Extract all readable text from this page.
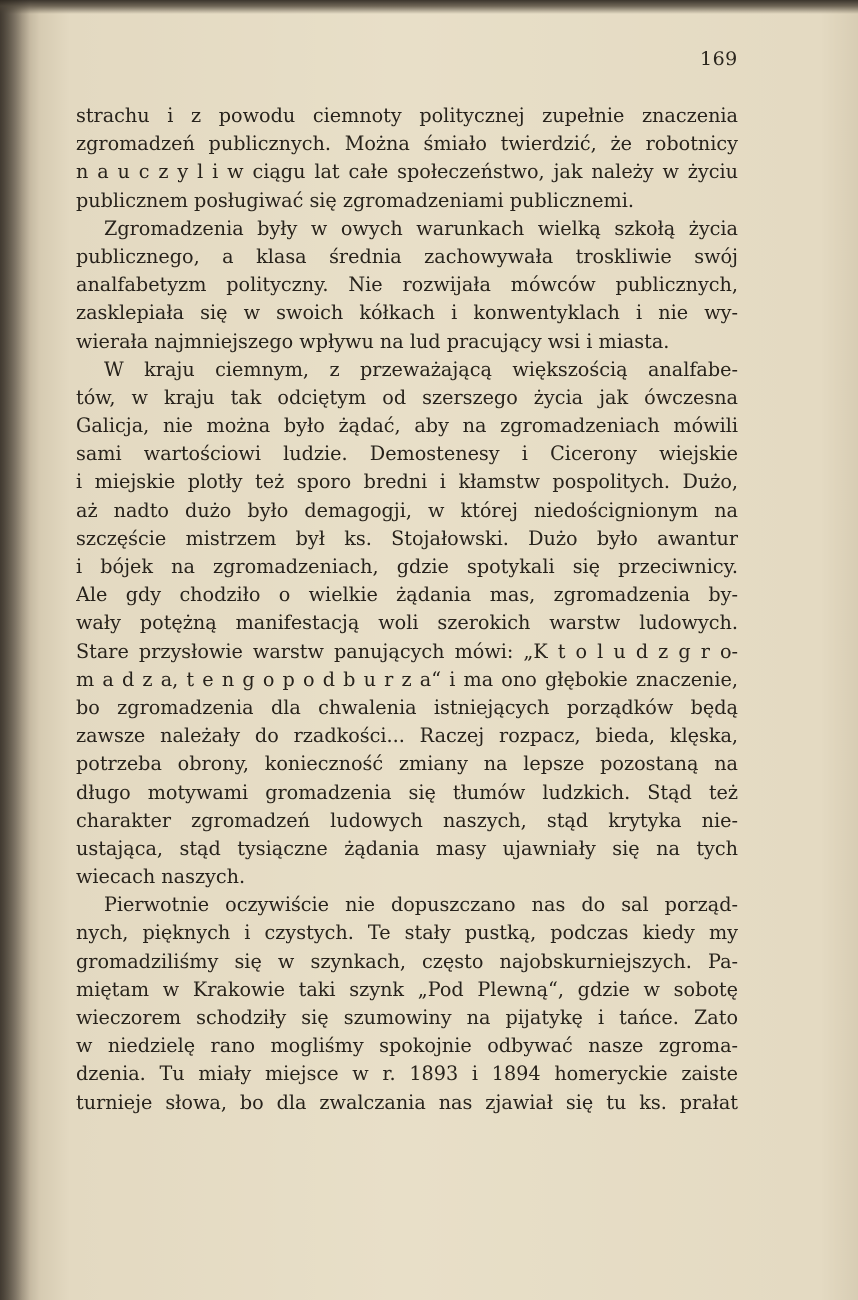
169
strachu i z powodu ciemnoty politycznej zupełnie znaczenia
zgromadzeń publicznych. Można śmiało twierdzić, że robotnicy
n a u c z y l i w ciągu lat całe społeczeństwo, jak należy w życiu
publicznem posługiwać się zgromadzeniami publicznemi.
Zgromadzenia były w owych warunkach wielką szkołą życia
publicznego, a klasa średnia zachowywała troskliwie swój
analfabetyzm polityczny. Nie rozwijała mówców publicznych,
zasklepiała się w swoich kółkach i konwentyklach i nie wy-
wierała najmniejszego wpływu na lud pracujący wsi i miasta.
W kraju ciemnym, z przeważającą większością analfabe-
tów, w kraju tak odciętym od szerszego życia jak ówczesna
Galicja, nie można było żądać, aby na zgromadzeniach mówili
sami wartościowi ludzie. Demostenesy i Cicerony wiejskie
i miejskie plotły też sporo bredni i kłamstw pospolitych. Dużo,
aż nadto dużo było demagogji, w której niedoścignionym na
szczęście mistrzem był ks. Stojałowski. Dużo było awantur
i bójek na zgromadzeniach, gdzie spotykali się przeciwnicy.
Ale gdy chodziło o wielkie żądania mas, zgromadzenia by-
wały potężną manifestacją woli szerokich warstw ludowych.
Stare przysłowie warstw panujących mówi: „K t o l u d z g r o-
m a d z a, t e n g o p o d b u r z a“ i ma ono głębokie znaczenie,
bo zgromadzenia dla chwalenia istniejących porządków będą
zawsze należały do rzadkości... Raczej rozpacz, bieda, klęska,
potrzeba obrony, konieczność zmiany na lepsze pozostaną na
długo motywami gromadzenia się tłumów ludzkich. Stąd też
charakter zgromadzeń ludowych naszych, stąd krytyka nie-
ustająca, stąd tysiączne żądania masy ujawniały się na tych
wiecach naszych.
Pierwotnie oczywiście nie dopuszczano nas do sal porząd-
nych, pięknych i czystych. Te stały pustką, podczas kiedy my
gromadziliśmy się w szynkach, często najobskurniejszych. Pa-
miętam w Krakowie taki szynk „Pod Plewną“, gdzie w sobotę
wieczorem schodziły się szumowiny na pijatykę i tańce. Zato
w niedzielę rano mogliśmy spokojnie odbywać nasze zgroma-
dzenia. Tu miały miejsce w r. 1893 i 1894 homeryckie zaiste
turnieje słowa, bo dla zwalczania nas zjawiał się tu ks. prałat
